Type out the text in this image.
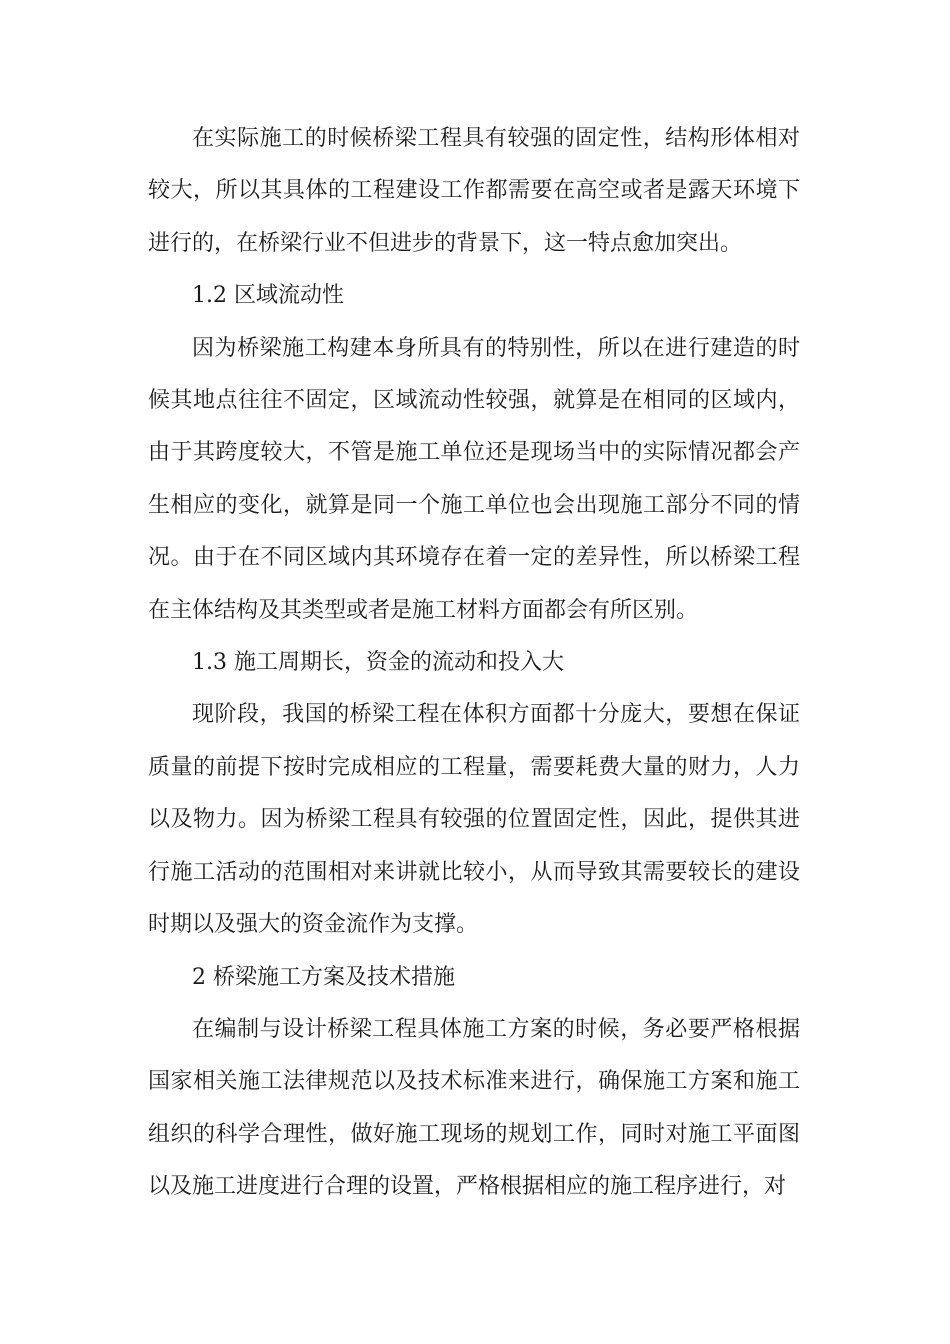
在实际施工的时候桥梁工程具有较强的固定性，结构形体相对较大，所以其具体的工程建设工作都需要在高空或者是露天环境下进行的，在桥梁行业不但进步的背景下，这一特点愈加突出。

1.2 区域流动性

因为桥梁施工构建本身所具有的特别性，所以在进行建造的时候其地点往往不固定，区域流动性较强，就算是在相同的区域内，由于其跨度较大，不管是施工单位还是现场当中的实际情况都会产生相应的变化，就算是同一个施工单位也会出现施工部分不同的情况。由于在不同区域内其环境存在着一定的差异性，所以桥梁工程在主体结构及其类型或者是施工材料方面都会有所区别。

1.3 施工周期长，资金的流动和投入大

现阶段，我国的桥梁工程在体积方面都十分庞大，要想在保证质量的前提下按时完成相应的工程量，需要耗费大量的财力，人力以及物力。因为桥梁工程具有较强的位置固定性，因此，提供其进行施工活动的范围相对来讲就比较小，从而导致其需要较长的建设时期以及强大的资金流作为支撑。

2 桥梁施工方案及技术措施

在编制与设计桥梁工程具体施工方案的时候，务必要严格根据国家相关施工法律规范以及技术标准来进行，确保施工方案和施工组织的科学合理性，做好施工现场的规划工作，同时对施工平面图以及施工进度进行合理的设置，严格根据相应的施工程序进行，对
